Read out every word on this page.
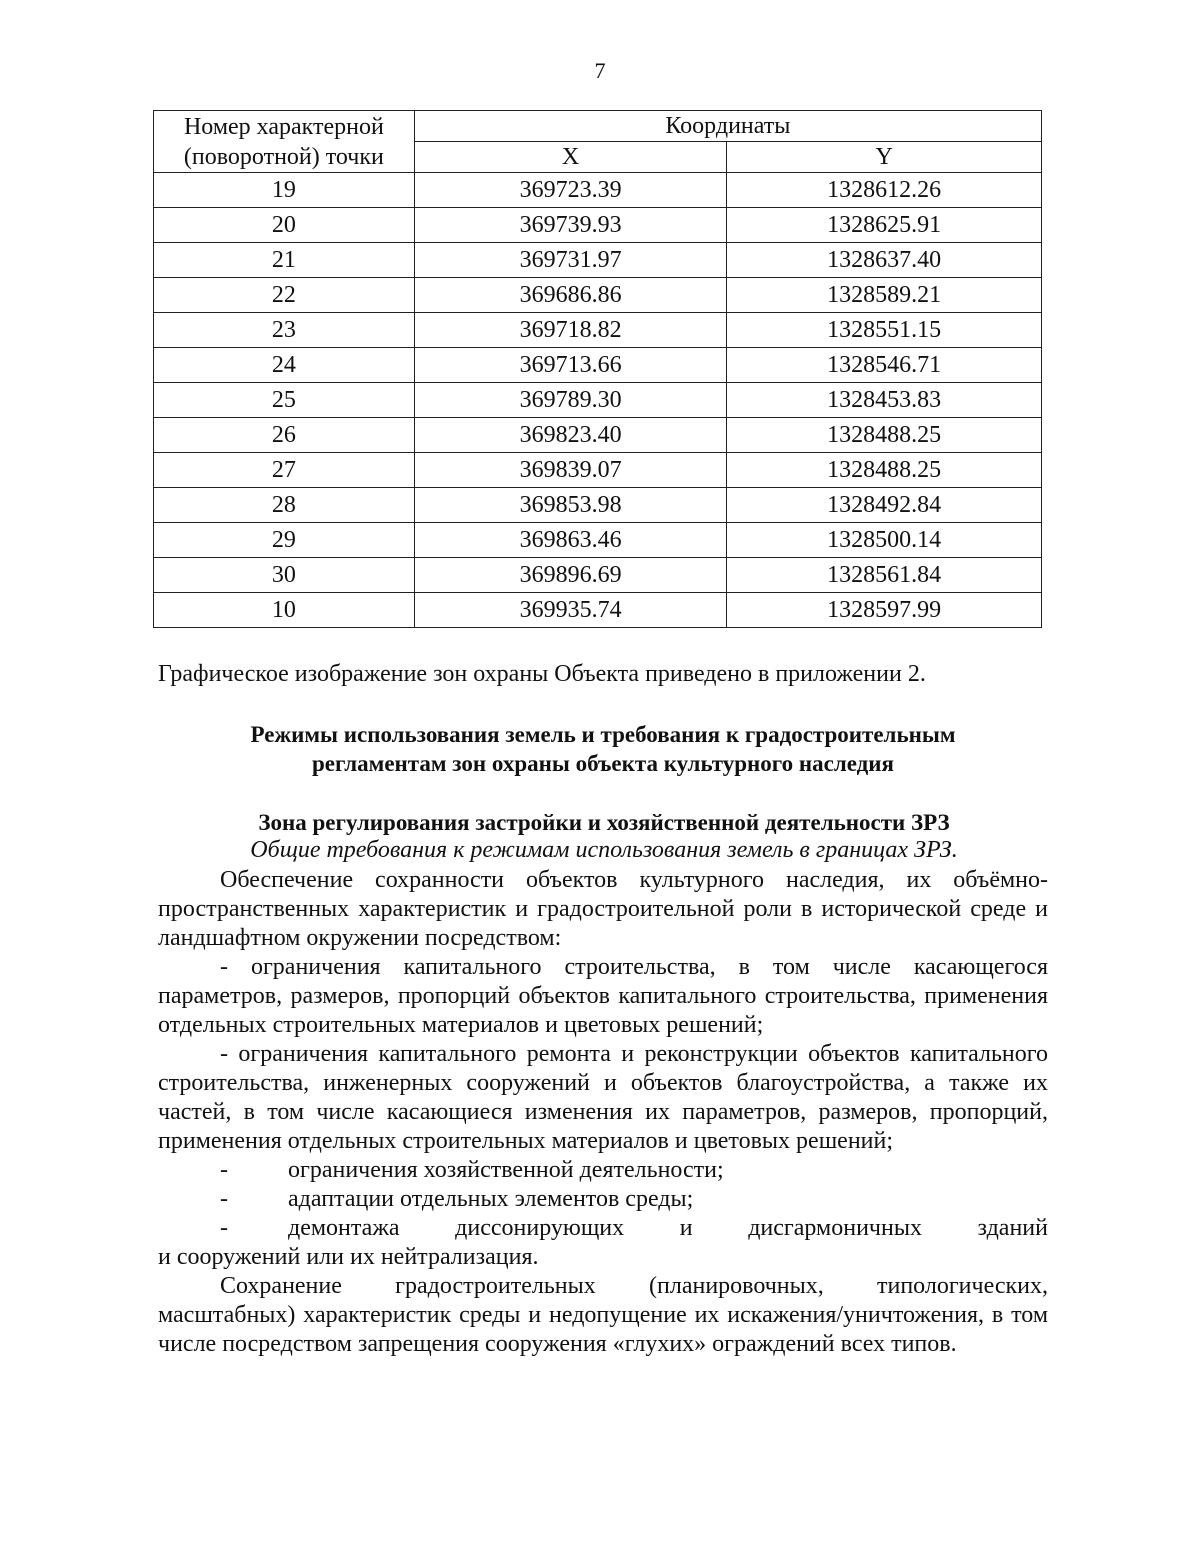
7
Номер характерной
(поворотной) точки	Координаты	
	X	Y
19	369723.39	1328612.26
20	369739.93	1328625.91
21	369731.97	1328637.40
22	369686.86	1328589.21
23	369718.82	1328551.15
24	369713.66	1328546.71
25	369789.30	1328453.83
26	369823.40	1328488.25
27	369839.07	1328488.25
28	369853.98	1328492.84
29	369863.46	1328500.14
30	369896.69	1328561.84
10	369935.74	1328597.99
Графическое изображение зон охраны Объекта приведено в приложении 2.
Режимы использования земель и требования к градостроительным
регламентам зон охраны объекта культурного наследия
Зона регулирования застройки и хозяйственной деятельности ЗРЗ
Общие требования к режимам использования земель в границах ЗРЗ.

Обеспечение сохранности объектов культурного наследия, их объёмно-пространственных характеристик и градостроительной роли в исторической среде и ландшафтном окружении посредством:

- ограничения капитального строительства, в том числе касающегося параметров, размеров, пропорций объектов капитального строительства, применения отдельных строительных материалов и цветовых решений;

- ограничения капитального ремонта и реконструкции объектов капитального строительства, инженерных сооружений и объектов благоустройства, а также их частей, в том числе касающиеся изменения их параметров, размеров, пропорций, применения отдельных строительных материалов и цветовых решений;

-	ограничения хозяйственной деятельности;
-	адаптации отдельных элементов среды;
-	демонтажа диссонирующих и дисгармоничных зданий
и сооружений или их нейтрализация.

Сохранение градостроительных (планировочных, типологических, масштабных) характеристик среды и недопущение их искажения/уничтожения, в том числе посредством запрещения сооружения «глухих» ограждений всех типов.
